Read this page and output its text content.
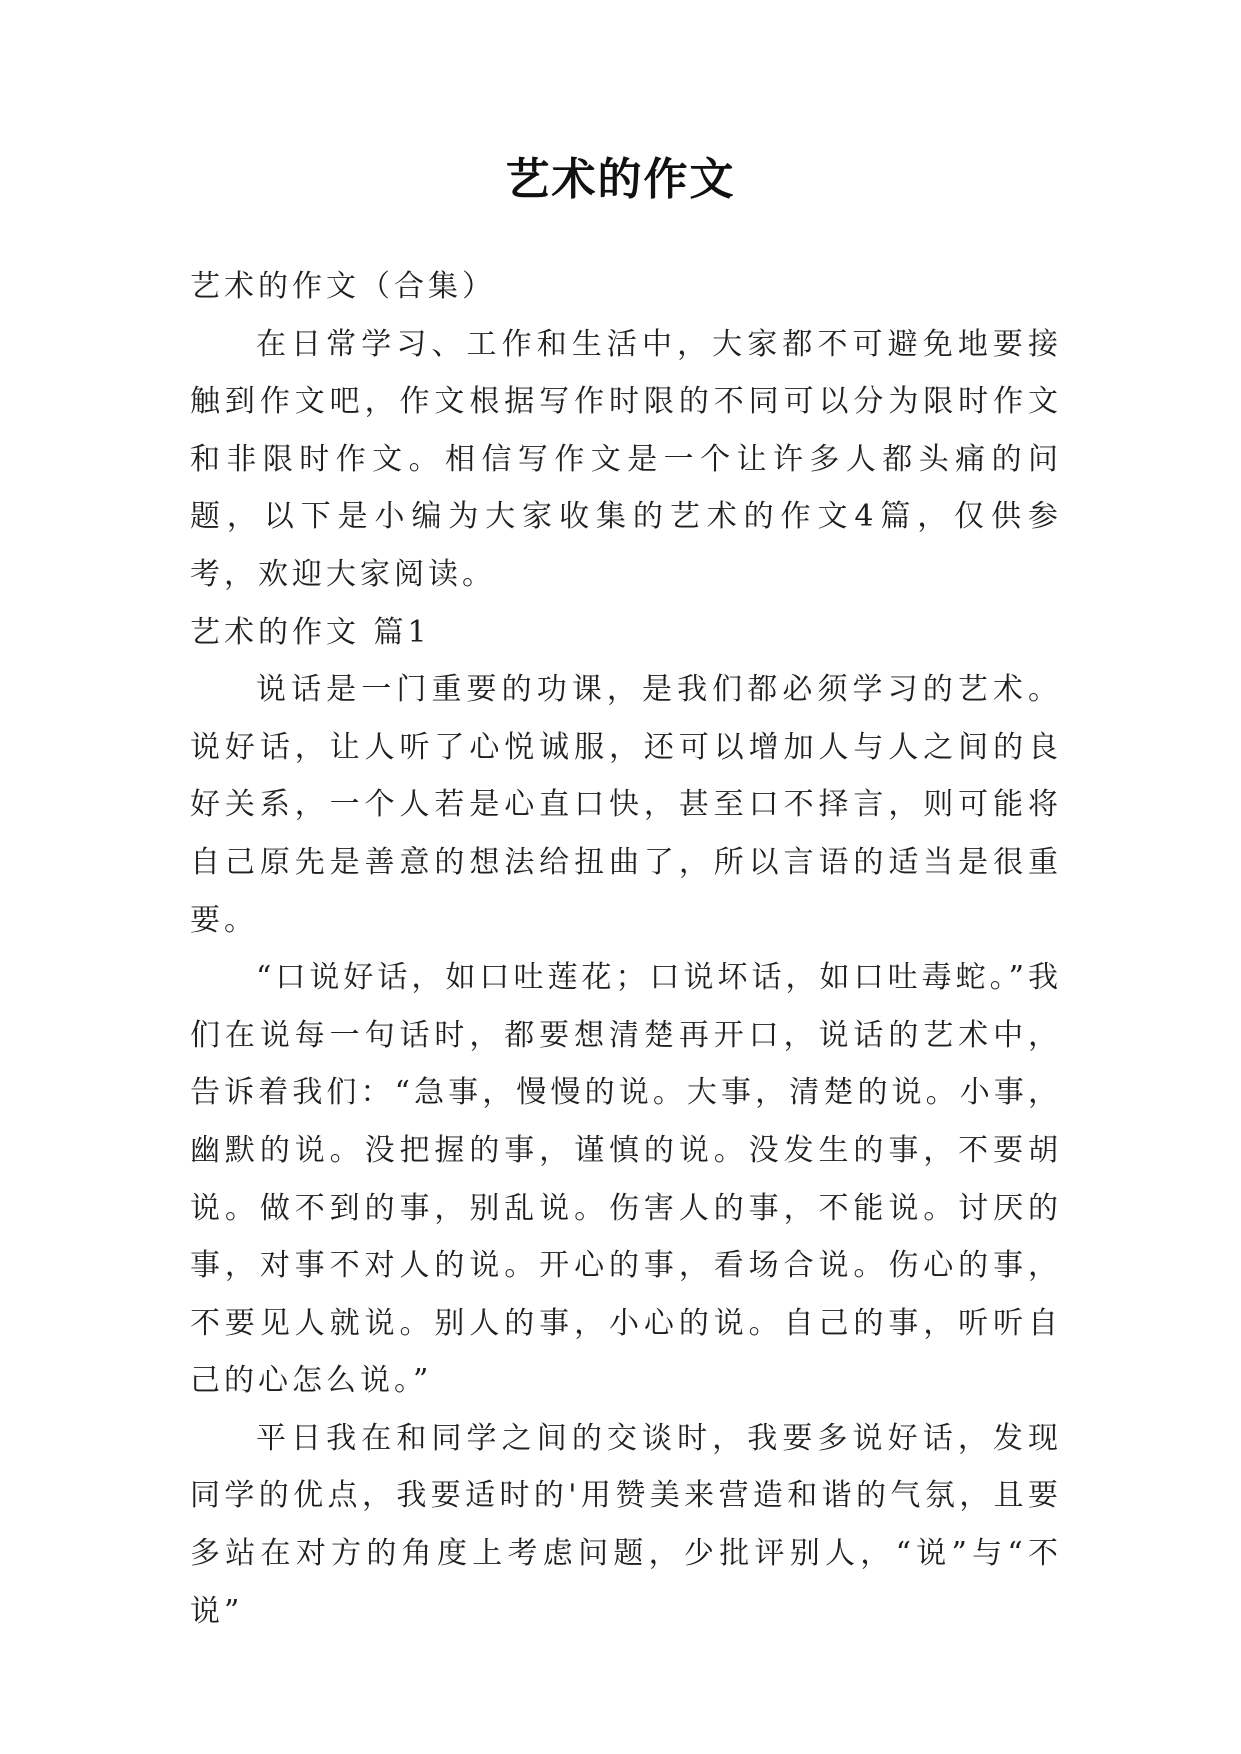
艺术的作文

艺术的作文（合集）

在日常学习、工作和生活中，大家都不可避免地要接触到作文吧，作文根据写作时限的不同可以分为限时作文和非限时作文。相信写作文是一个让许多人都头痛的问题，以下是小编为大家收集的艺术的作文4篇，仅供参考，欢迎大家阅读。

艺术的作文 篇1

说话是一门重要的功课，是我们都必须学习的艺术。说好话，让人听了心悦诚服，还可以增加人与人之间的良好关系，一个人若是心直口快，甚至口不择言，则可能将自己原先是善意的想法给扭曲了，所以言语的适当是很重要。

“口说好话，如口吐莲花；口说坏话，如口吐毒蛇。”我们在说每一句话时，都要想清楚再开口，说话的艺术中，告诉着我们：“急事，慢慢的说。大事，清楚的说。小事，幽默的说。没把握的事，谨慎的说。没发生的事，不要胡说。做不到的事，别乱说。伤害人的事，不能说。讨厌的事，对事不对人的说。开心的事，看场合说。伤心的事，不要见人就说。别人的事，小心的说。自己的事，听听自己的心怎么说。”

平日我在和同学之间的交谈时，我要多说好话，发现同学的优点，我要适时的'用赞美来营造和谐的气氛，且要多站在对方的角度上考虑问题，少批评别人，“说”与“不说”
